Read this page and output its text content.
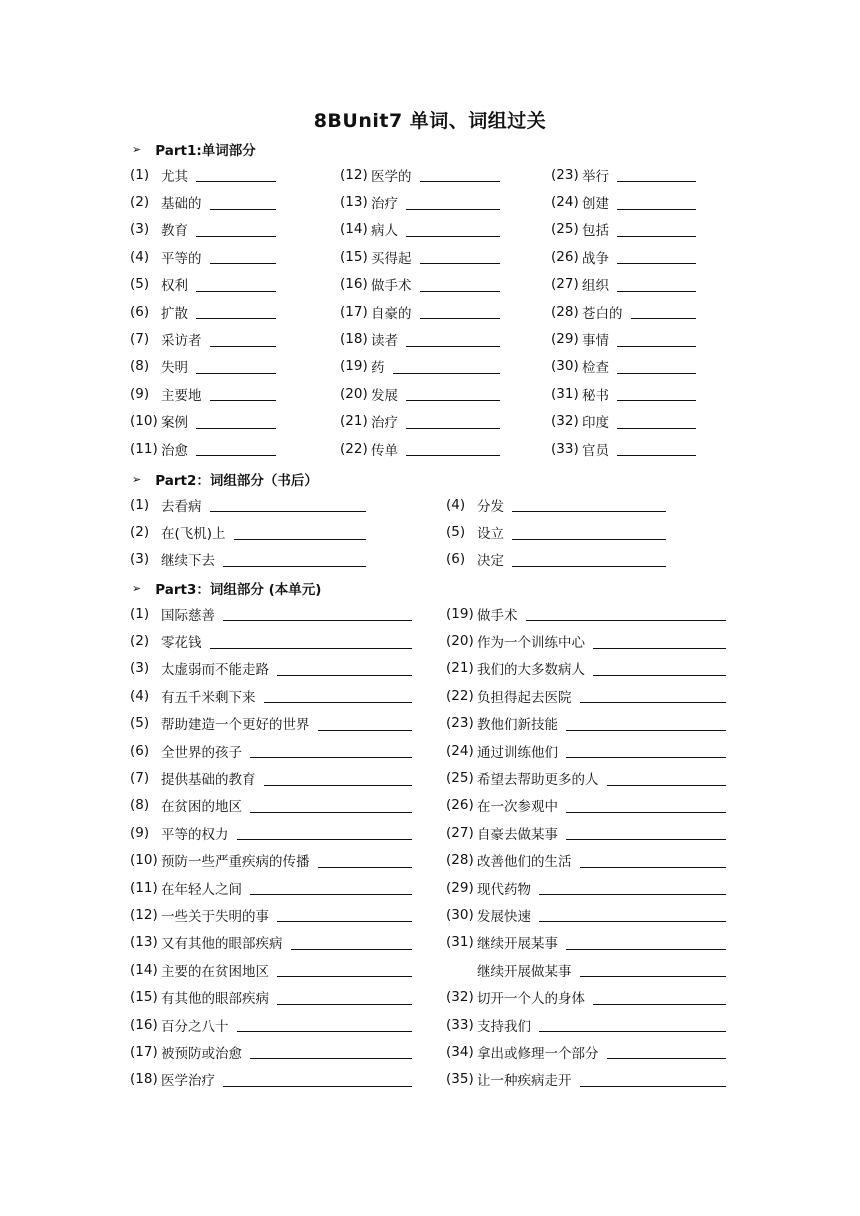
8BUnit7 单词、词组过关
➢ Part1:单词部分
(1) 尤其
(2) 基础的
(3) 教育
(4) 平等的
(5) 权利
(6) 扩散
(7) 采访者
(8) 失明
(9) 主要地
(10) 案例
(11) 治愈
(12) 医学的
(13) 治疗
(14) 病人
(15) 买得起
(16) 做手术
(17) 自豪的
(18) 读者
(19) 药
(20) 发展
(21) 治疗
(22) 传单
(23) 举行
(24) 创建
(25) 包括
(26) 战争
(27) 组织
(28) 苍白的
(29) 事情
(30) 检查
(31) 秘书
(32) 印度
(33) 官员
➢ Part2：词组部分（书后）
(1) 去看病
(2) 在(飞机)上
(3) 继续下去
(4) 分发
(5) 设立
(6) 决定
➢ Part3：词组部分 (本单元)
(1) 国际慈善
(2) 零花钱
(3) 太虚弱而不能走路
(4) 有五千米剩下来
(5) 帮助建造一个更好的世界
(6) 全世界的孩子
(7) 提供基础的教育
(8) 在贫困的地区
(9) 平等的权力
(10) 预防一些严重疾病的传播
(11) 在年轻人之间
(12) 一些关于失明的事
(13) 又有其他的眼部疾病
(14) 主要的在贫困地区
(15) 有其他的眼部疾病
(16) 百分之八十
(17) 被预防或治愈
(18) 医学治疗
(19) 做手术
(20) 作为一个训练中心
(21) 我们的大多数病人
(22) 负担得起去医院
(23) 教他们新技能
(24) 通过训练他们
(25) 希望去帮助更多的人
(26) 在一次参观中
(27) 自豪去做某事
(28) 改善他们的生活
(29) 现代药物
(30) 发展快速
(31) 继续开展某事
继续开展做某事
(32) 切开一个人的身体
(33) 支持我们
(34) 拿出或修理一个部分
(35) 让一种疾病走开
